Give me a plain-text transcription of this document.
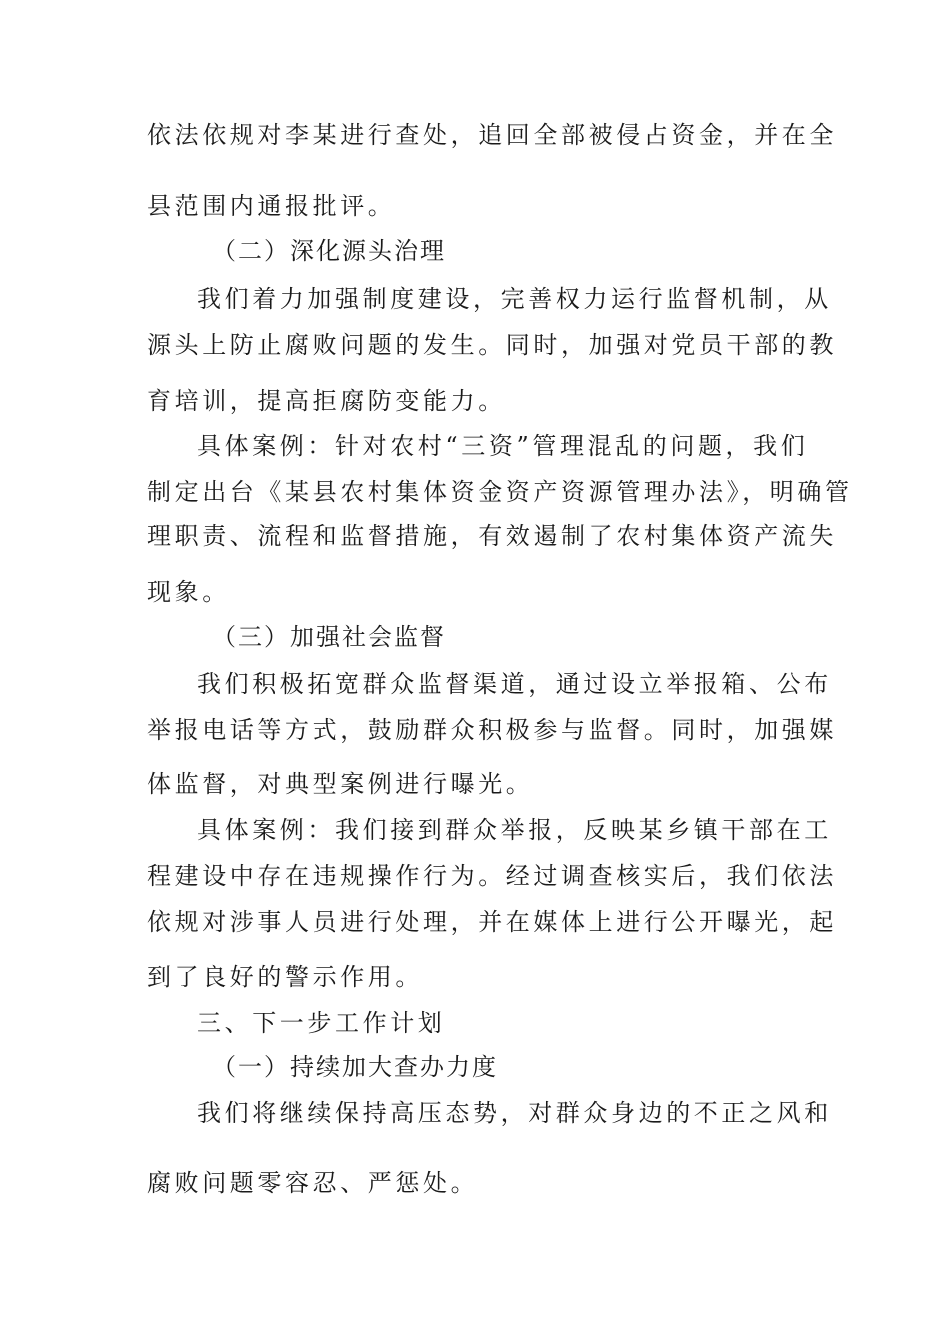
依法依规对李某进行查处，追回全部被侵占资金，并在全
县范围内通报批评。
（二）深化源头治理
我们着力加强制度建设，完善权力运行监督机制，从
源头上防止腐败问题的发生。同时，加强对党员干部的教
育培训，提高拒腐防变能力。
具体案例：针对农村“三资”管理混乱的问题，我们
制定出台《某县农村集体资金资产资源管理办法》，明确管
理职责、流程和监督措施，有效遏制了农村集体资产流失
现象。
（三）加强社会监督
我们积极拓宽群众监督渠道，通过设立举报箱、公布
举报电话等方式，鼓励群众积极参与监督。同时，加强媒
体监督，对典型案例进行曝光。
具体案例：我们接到群众举报，反映某乡镇干部在工
程建设中存在违规操作行为。经过调查核实后，我们依法
依规对涉事人员进行处理，并在媒体上进行公开曝光，起
到了良好的警示作用。
三、下一步工作计划
（一）持续加大查办力度
我们将继续保持高压态势，对群众身边的不正之风和
腐败问题零容忍、严惩处。
